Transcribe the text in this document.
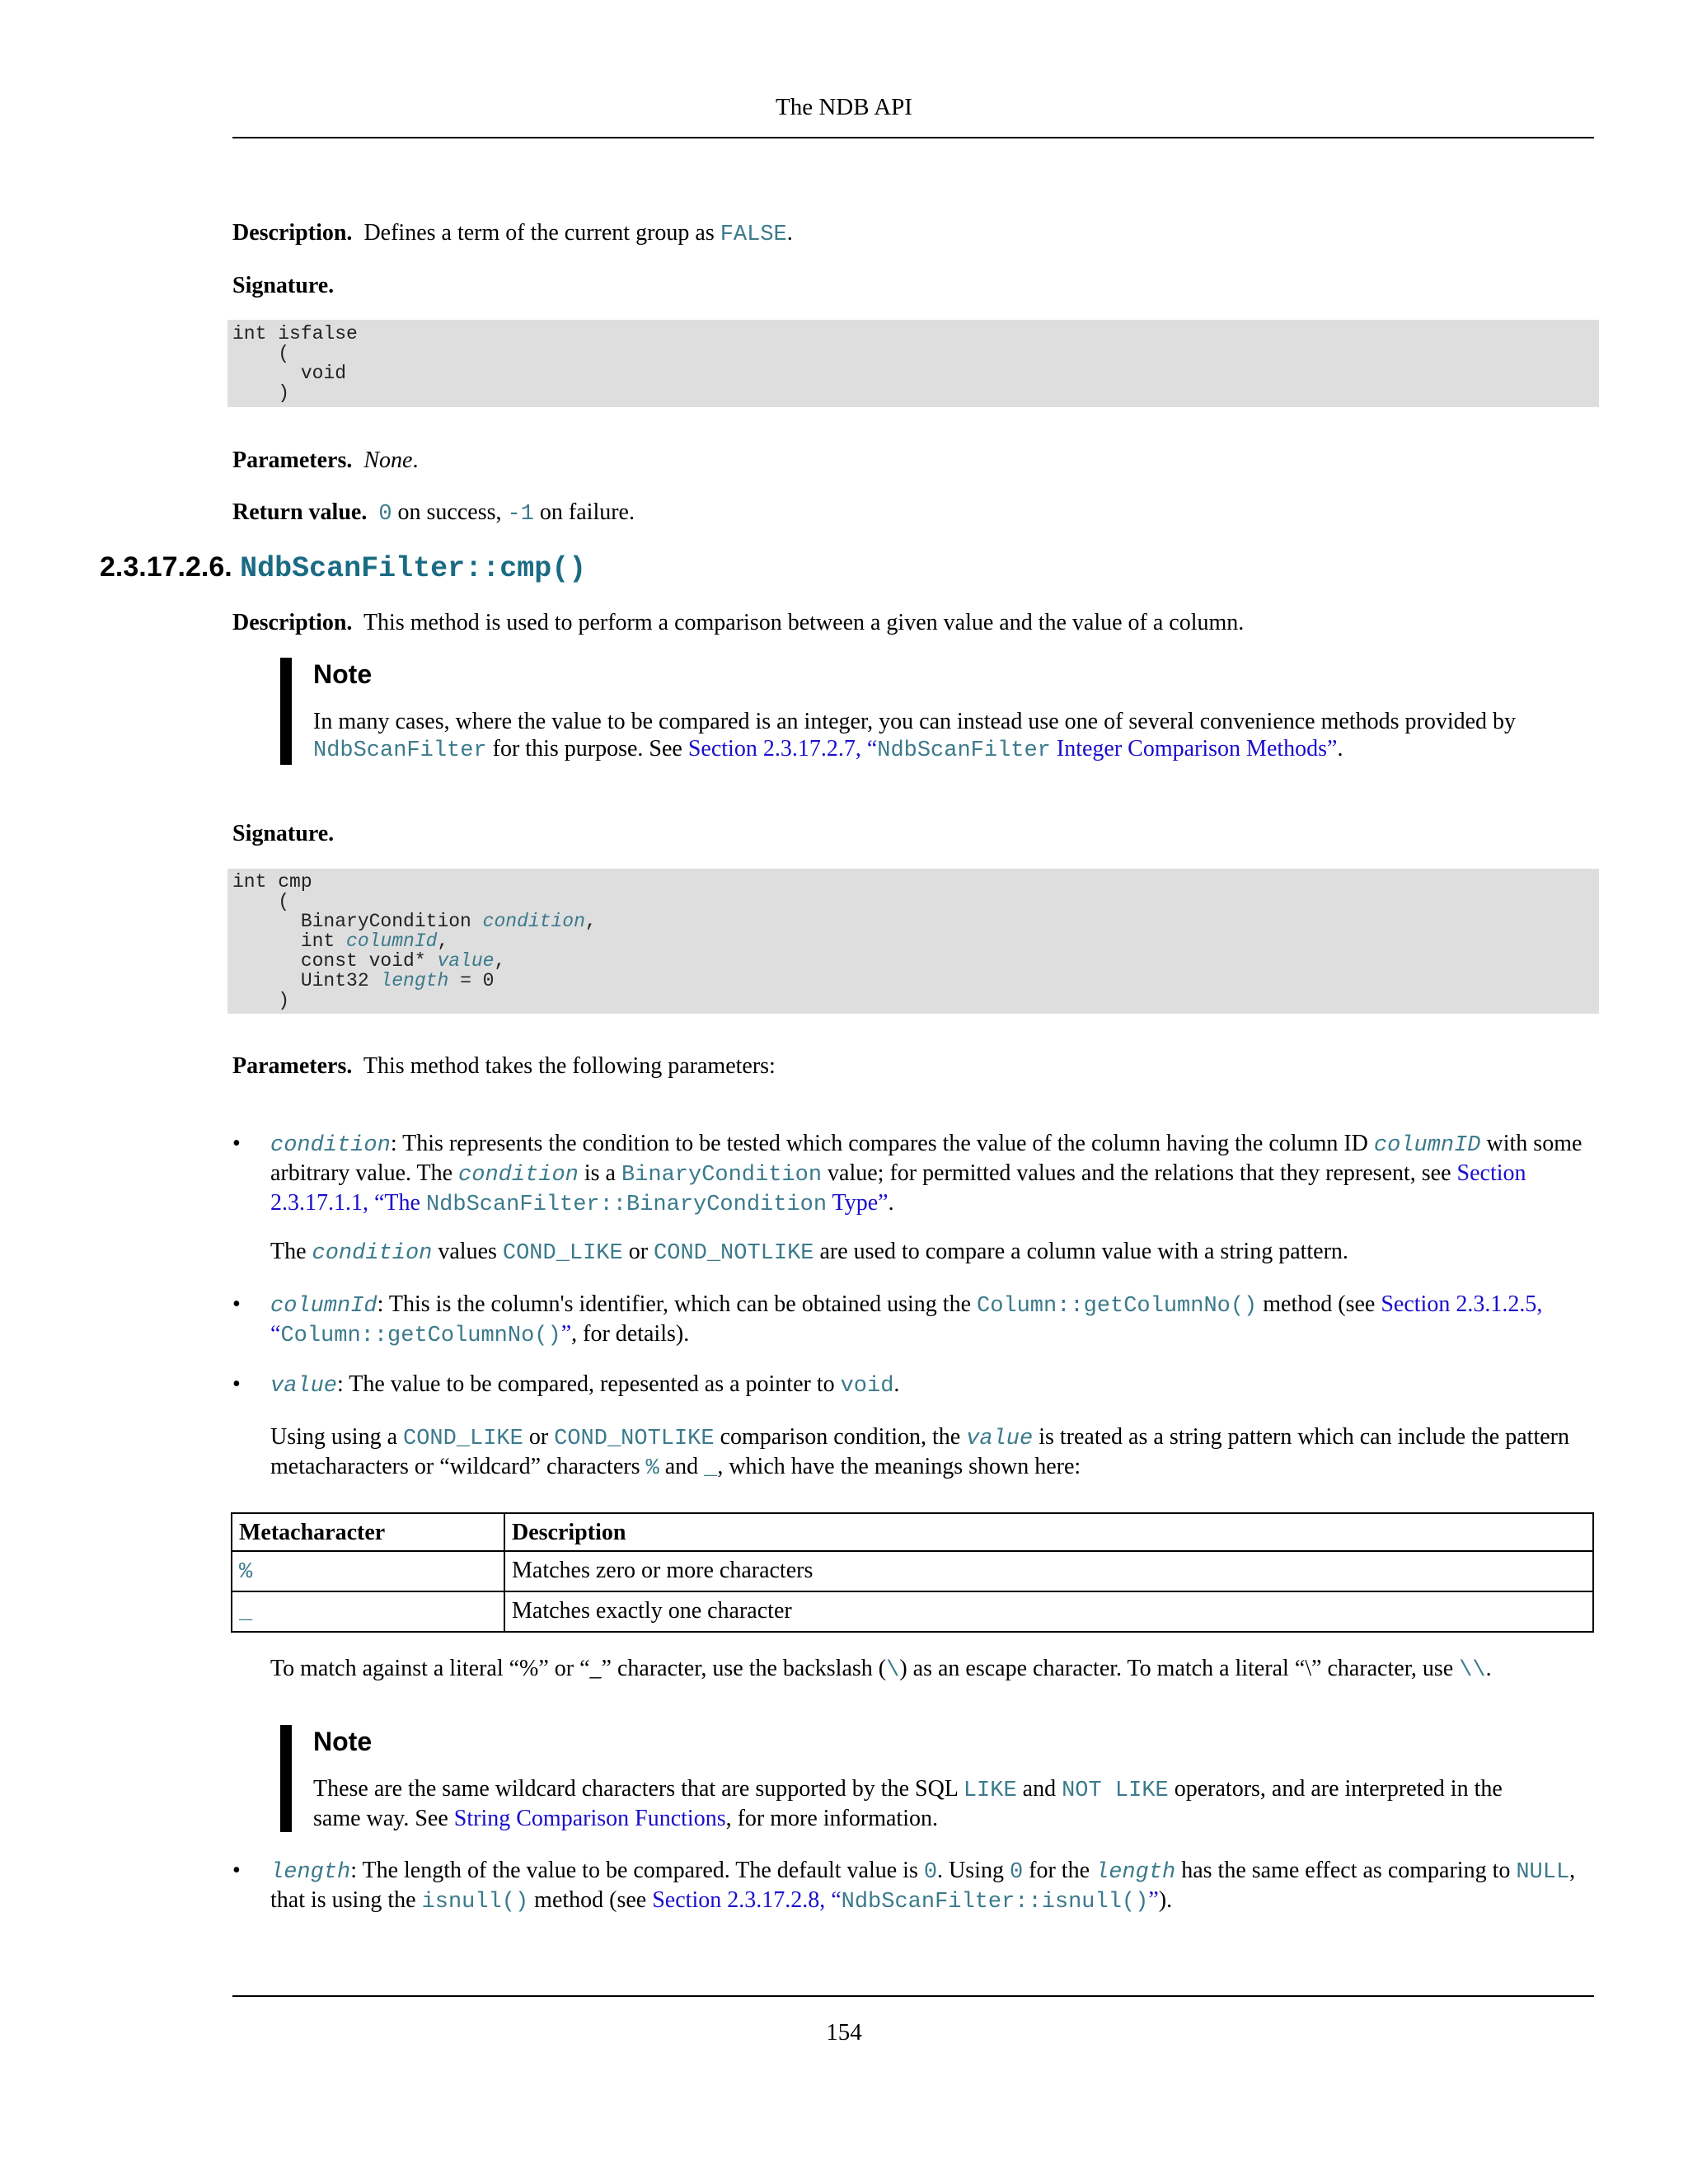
The NDB API
Description. Defines a term of the current group as FALSE.
Signature.
int isfalse
(
void
)
Parameters. None.
Return value. 0 on success, -1 on failure.
2.3.17.2.6. NdbScanFilter::cmp()
Description. This method is used to perform a comparison between a given value and the value of a column.
Note
In many cases, where the value to be compared is an integer, you can instead use one of several convenience methods provided by NdbScanFilter for this purpose. See Section 2.3.17.2.7, “NdbScanFilter Integer Comparison Methods”.
Signature.
int cmp
(
BinaryCondition condition,
int columnId,
const void* value,
Uint32 length = 0
)
Parameters. This method takes the following parameters:
• condition: This represents the condition to be tested which compares the value of the column having the column ID columnID with some arbitrary value. The condition is a BinaryCondition value; for permitted values and the relations that they represent, see Section 2.3.17.1.1, “The NdbScanFilter::BinaryCondition Type”.
The condition values COND_LIKE or COND_NOTLIKE are used to compare a column value with a string pattern.
• columnId: This is the column's identifier, which can be obtained using the Column::getColumnNo() method (see Section 2.3.1.2.5, “Column::getColumnNo()”, for details).
• value: The value to be compared, repesented as a pointer to void.
Using using a COND_LIKE or COND_NOTLIKE comparison condition, the value is treated as a string pattern which can include the pattern metacharacters or “wildcard” characters % and _, which have the meanings shown here:
Metacharacter	Description
%	Matches zero or more characters
_	Matches exactly one character
To match against a literal “%” or “_” character, use the backslash (\) as an escape character. To match a literal “\” character, use \\.
Note
These are the same wildcard characters that are supported by the SQL LIKE and NOT LIKE operators, and are interpreted in the same way. See String Comparison Functions, for more information.
• length: The length of the value to be compared. The default value is 0. Using 0 for the length has the same effect as comparing to NULL, that is using the isnull() method (see Section 2.3.17.2.8, “NdbScanFilter::isnull()”).
154
